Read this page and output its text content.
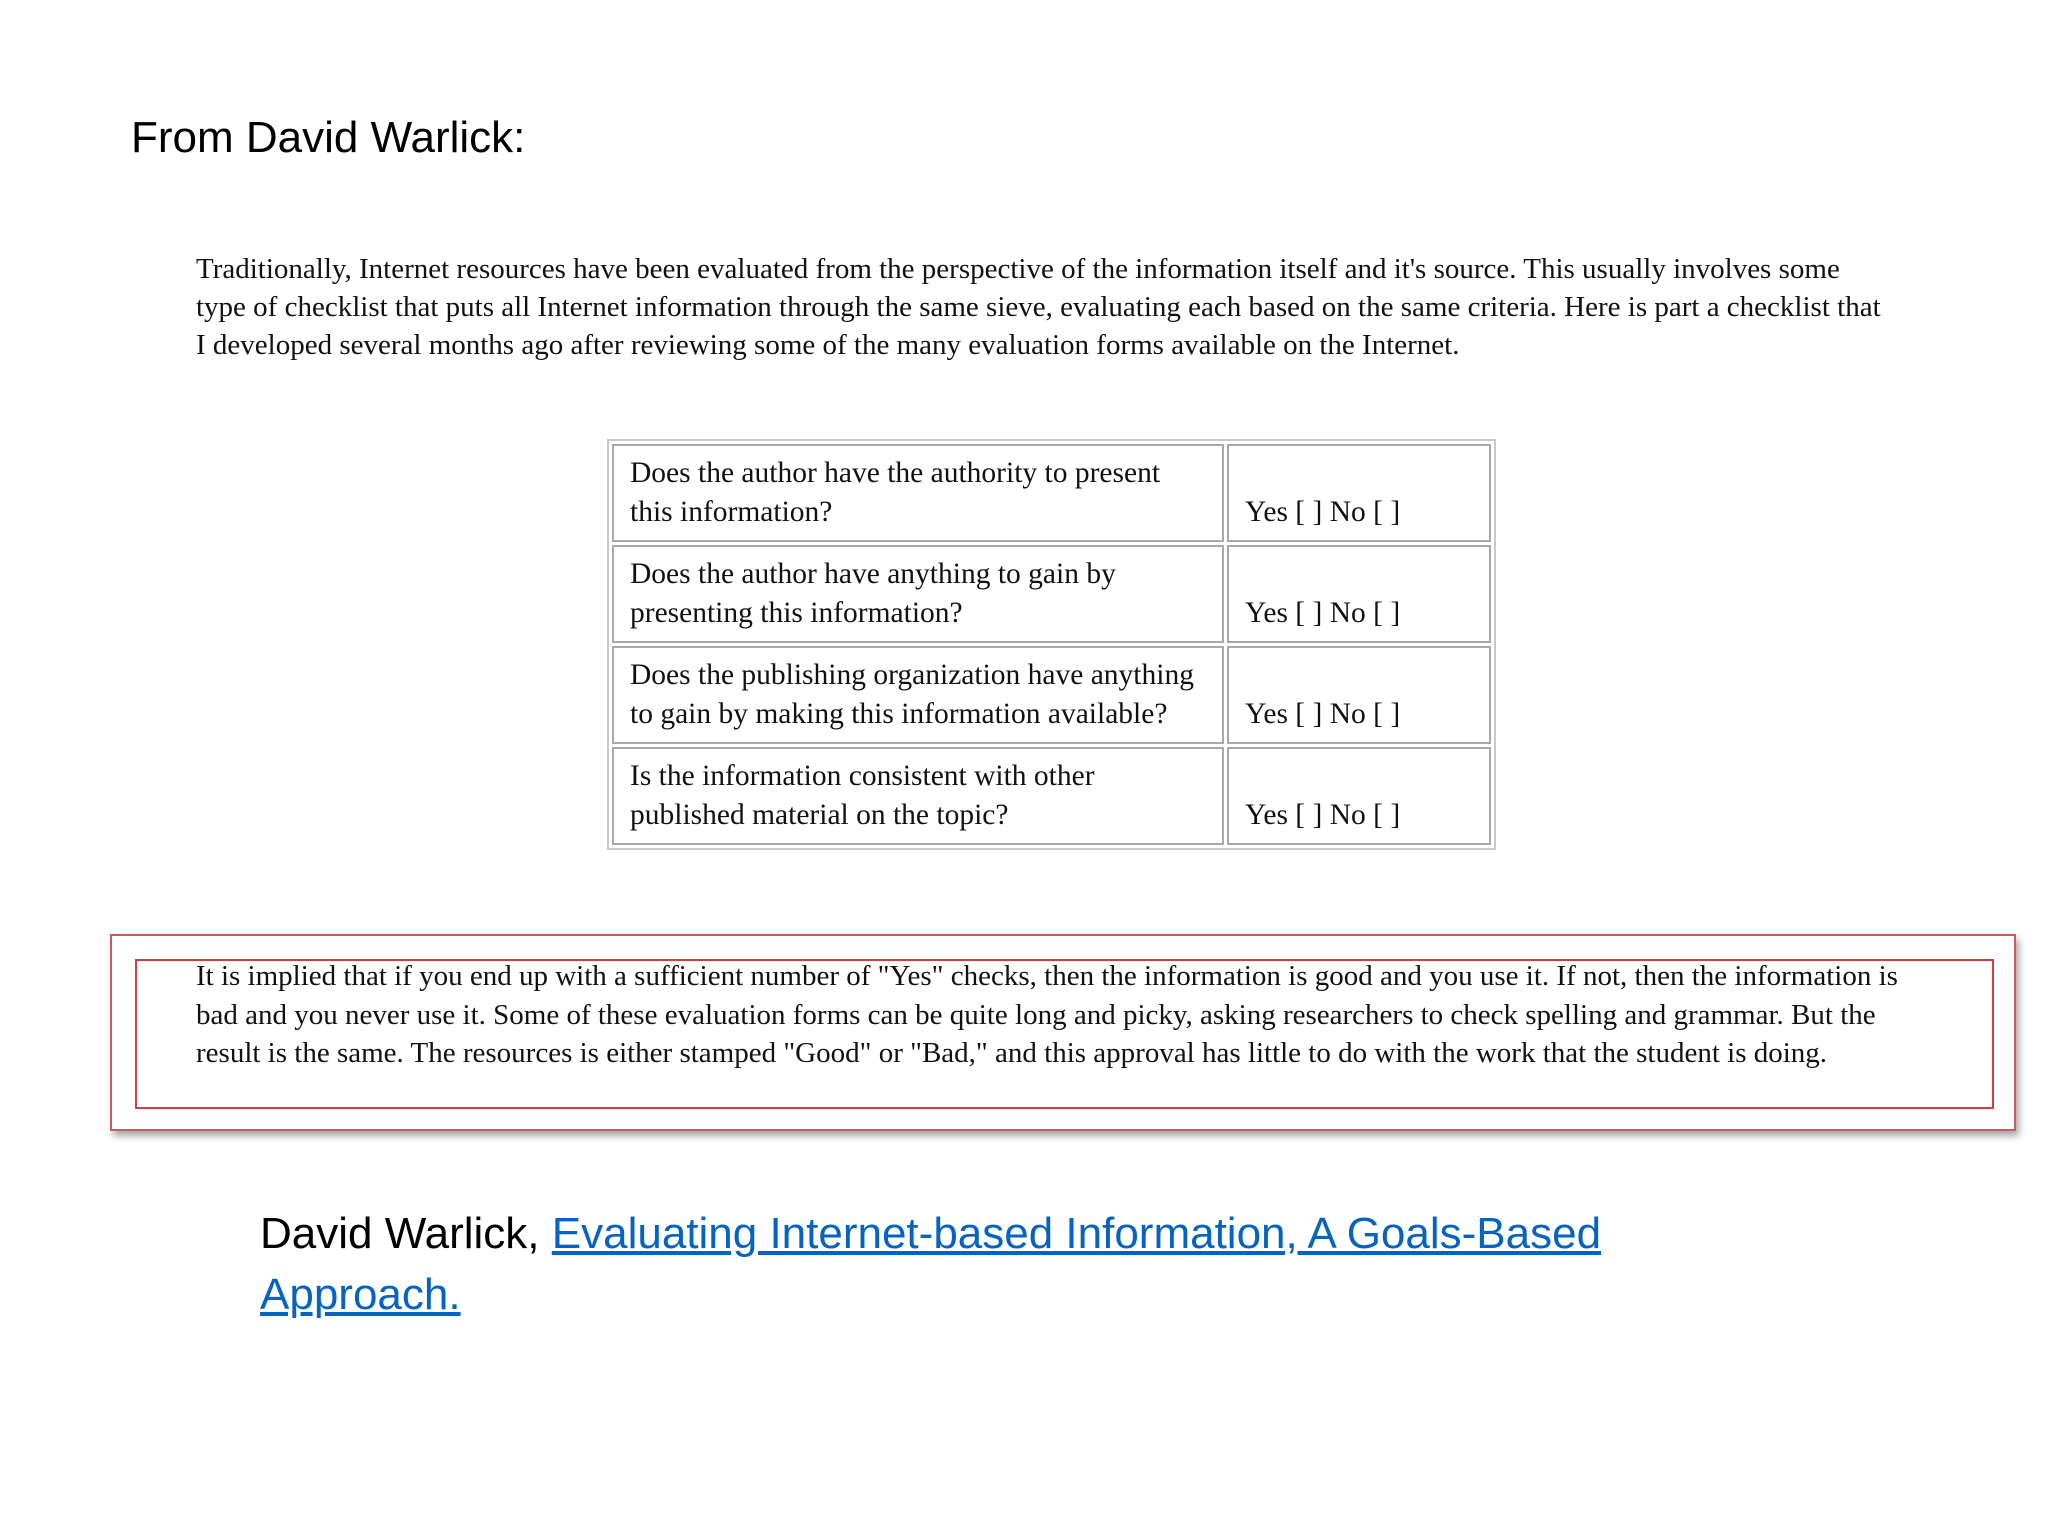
From David Warlick:

Traditionally, Internet resources have been evaluated from the perspective of the information itself and it's source. This usually involves some type of checklist that puts all Internet information through the same sieve, evaluating each based on the same criteria. Here is part a checklist that I developed several months ago after reviewing some of the many evaluation forms available on the Internet.

Does the author have the authority to present this information?	Yes [ ] No [ ]
Does the author have anything to gain by presenting this information?	Yes [ ] No [ ]
Does the publishing organization have anything to gain by making this information available?	Yes [ ] No [ ]
Is the information consistent with other published material on the topic?	Yes [ ] No [ ]

It is implied that if you end up with a sufficient number of "Yes" checks, then the information is good and you use it. If not, then the information is bad and you never use it. Some of these evaluation forms can be quite long and picky, asking researchers to check spelling and grammar. But the result is the same. The resources is either stamped "Good" or "Bad," and this approval has little to do with the work that the student is doing.

David Warlick, Evaluating Internet-based Information, A Goals-Based Approach.
